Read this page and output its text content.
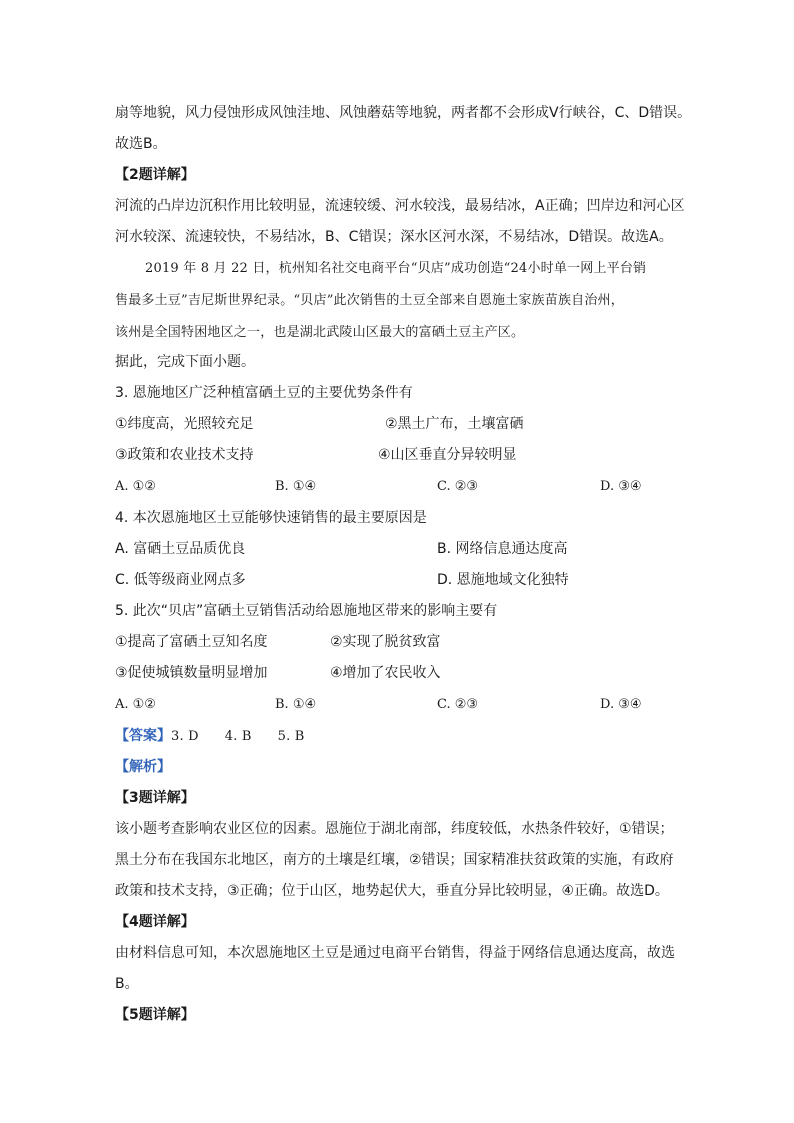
扇等地貌，风力侵蚀形成风蚀洼地、风蚀蘑菇等地貌，两者都不会形成V行峡谷，C、D错误。
故选B。
【2题详解】
河流的凸岸边沉积作用比较明显，流速较缓、河水较浅，最易结冰，A正确；凹岸边和河心区
河水较深、流速较快，不易结冰，B、C错误；深水区河水深，不易结冰，D错误。故选A。
2019 年 8 月 22 日，杭州知名社交电商平台“贝店”成功创造“24小时单一网上平台销
售最多土豆”吉尼斯世界纪录。“贝店”此次销售的土豆全部来自恩施土家族苗族自治州，
该州是全国特困地区之一，也是湖北武陵山区最大的富硒土豆主产区。
据此，完成下面小题。
3. 恩施地区广泛种植富硒土豆的主要优势条件有
①纬度高，光照较充足	②黑土广布，土壤富硒
③政策和农业技术支持	④山区垂直分异较明显
A. ①②	B. ①④	C. ②③	D. ③④
4. 本次恩施地区土豆能够快速销售的最主要原因是
A. 富硒土豆品质优良	B. 网络信息通达度高
C. 低等级商业网点多	D. 恩施地域文化独特
5. 此次“贝店”富硒土豆销售活动给恩施地区带来的影响主要有
①提高了富硒土豆知名度	②实现了脱贫致富
③促使城镇数量明显增加	④增加了农民收入
A. ①②	B. ①④	C. ②③	D. ③④
【答案】3. D      4. B      5. B
【解析】
【3题详解】
该小题考查影响农业区位的因素。恩施位于湖北南部，纬度较低，水热条件较好，①错误；
黑土分布在我国东北地区，南方的土壤是红壤，②错误；国家精准扶贫政策的实施，有政府
政策和技术支持，③正确；位于山区，地势起伏大，垂直分异比较明显，④正确。故选D。
【4题详解】
由材料信息可知，本次恩施地区土豆是通过电商平台销售，得益于网络信息通达度高，故选
B。
【5题详解】
